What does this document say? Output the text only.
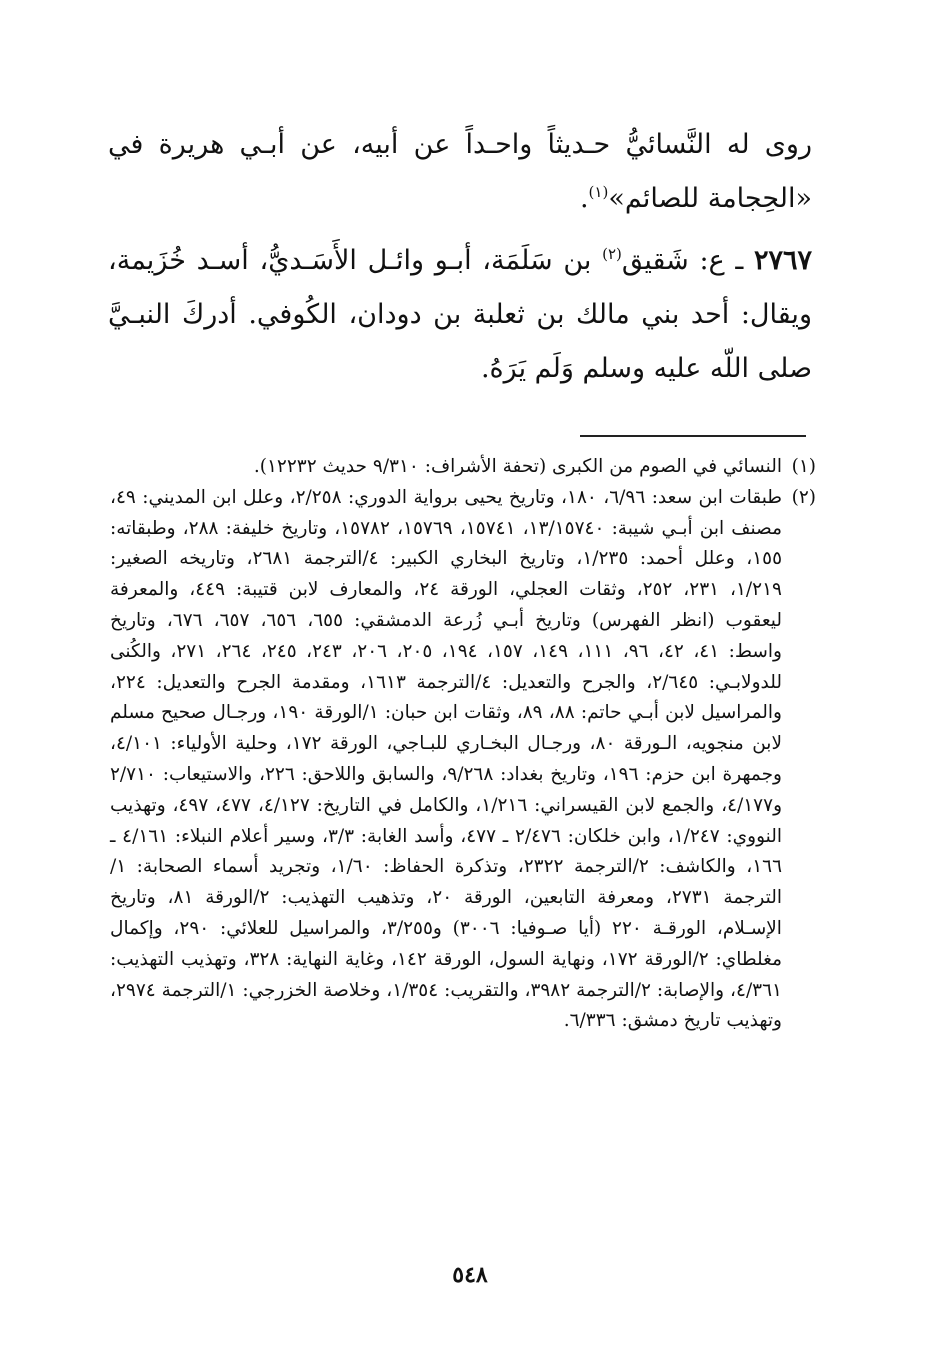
روى له النَّسائيُّ حـديثاً واحـداً عن أبيه، عن أبـي هريرة في «الحِجامة للصائم»$^{(١)}$.

٢٧٦٧ ـ ع: شَقيق$^{(٢)}$ بن سَلَمَة، أبـو وائـل الأَسَـديُّ، أسـد خُزَيمة، ويقال: أحد بني مالك بن ثعلبة بن دودان، الكُوفي. أدركَ النبـيَّ صلى اللّه عليه وسلم وَلَم يَرَهُ.

(١)
النسائي في الصوم من الكبرى (تحفة الأشراف: ٩/٣١٠ حديث ١٢٢٣٢).

(٢)
طبقات ابن سعد: ٦/٩٦، ١٨٠، وتاريخ يحيى برواية الدوري: ٢/٢٥٨، وعلل ابن المديني: ٤٩، مصنف ابن أبـي شيبة: ١٣/١٥٧٤٠، ١٥٧٤١، ١٥٧٦٩، ١٥٧٨٢، وتاريخ خليفة: ٢٨٨، وطبقاته: ١٥٥، وعلل أحمد: ١/٢٣٥، وتاريخ البخاري الكبير: ٤/الترجمة ٢٦٨١، وتاريخه الصغير: ١/٢١٩، ٢٣١، ٢٥٢، وثقات العجلي، الورقة ٢٤، والمعارف لابن قتيبة: ٤٤٩، والمعرفة ليعقوب (انظر الفهرس) وتاريخ أبـي زُرعة الدمشقي: ٦٥٥، ٦٥٦، ٦٥٧، ٦٧٦، وتاريخ واسط: ٤١، ٤٢، ٩٦، ١١١، ١٤٩، ١٥٧، ١٩٤، ٢٠٥، ٢٠٦، ٢٤٣، ٢٤٥، ٢٦٤، ٢٧١، والكُنى للدولابـي: ٢/٦٤٥، والجرح والتعديل: ٤/الترجمة ١٦١٣، ومقدمة الجرح والتعديل: ٢٢٤، والمراسيل لابن أبـي حاتم: ٨٨، ٨٩، وثقات ابن حبان: ١/الورقة ١٩٠، ورجـال صحيح مسلم لابن منجويه، الـورقة ٨٠، ورجـال البخـاري للبـاجي، الورقة ١٧٢، وحلية الأولياء: ٤/١٠١، وجمهرة ابن حزم: ١٩٦، وتاريخ بغداد: ٩/٢٦٨، والسابق واللاحق: ٢٢٦، والاستيعاب: ٢/٧١٠ و٤/١٧٧، والجمع لابن القيسراني: ١/٢١٦، والكامل في التاريخ: ٤/١٢٧، ٤٧٧، ٤٩٧، وتهذيب النووي: ١/٢٤٧، وابن خلكان: ٢/٤٧٦ ـ ٤٧٧، وأسد الغابة: ٣/٣، وسير أعلام النبلاء: ٤/١٦١ ـ ١٦٦، والكاشف: ٢/الترجمة ٢٣٢٢، وتذكرة الحفاظ: ١/٦٠، وتجريد أسماء الصحابة: ١/الترجمة ٢٧٣١، ومعرفة التابعين، الورقة ٢٠، وتذهيب التهذيب: ٢/الورقة ٨١، وتاريخ الإسـلام، الورقـة ٢٢٠ (أيا صـوفيا: ٣٠٠٦) و٣/٢٥٥، والمراسيل للعلائي: ٢٩٠، وإكمال مغلطاي: ٢/الورقة ١٧٢، ونهاية السول، الورقة ١٤٢، وغاية النهاية: ٣٢٨، وتهذيب التهذيب: ٤/٣٦١، والإصابة: ٢/الترجمة ٣٩٨٢، والتقريب: ١/٣٥٤، وخلاصة الخزرجي: ١/الترجمة ٢٩٧٤، وتهذيب تاريخ دمشق: ٦/٣٣٦.

٥٤٨
